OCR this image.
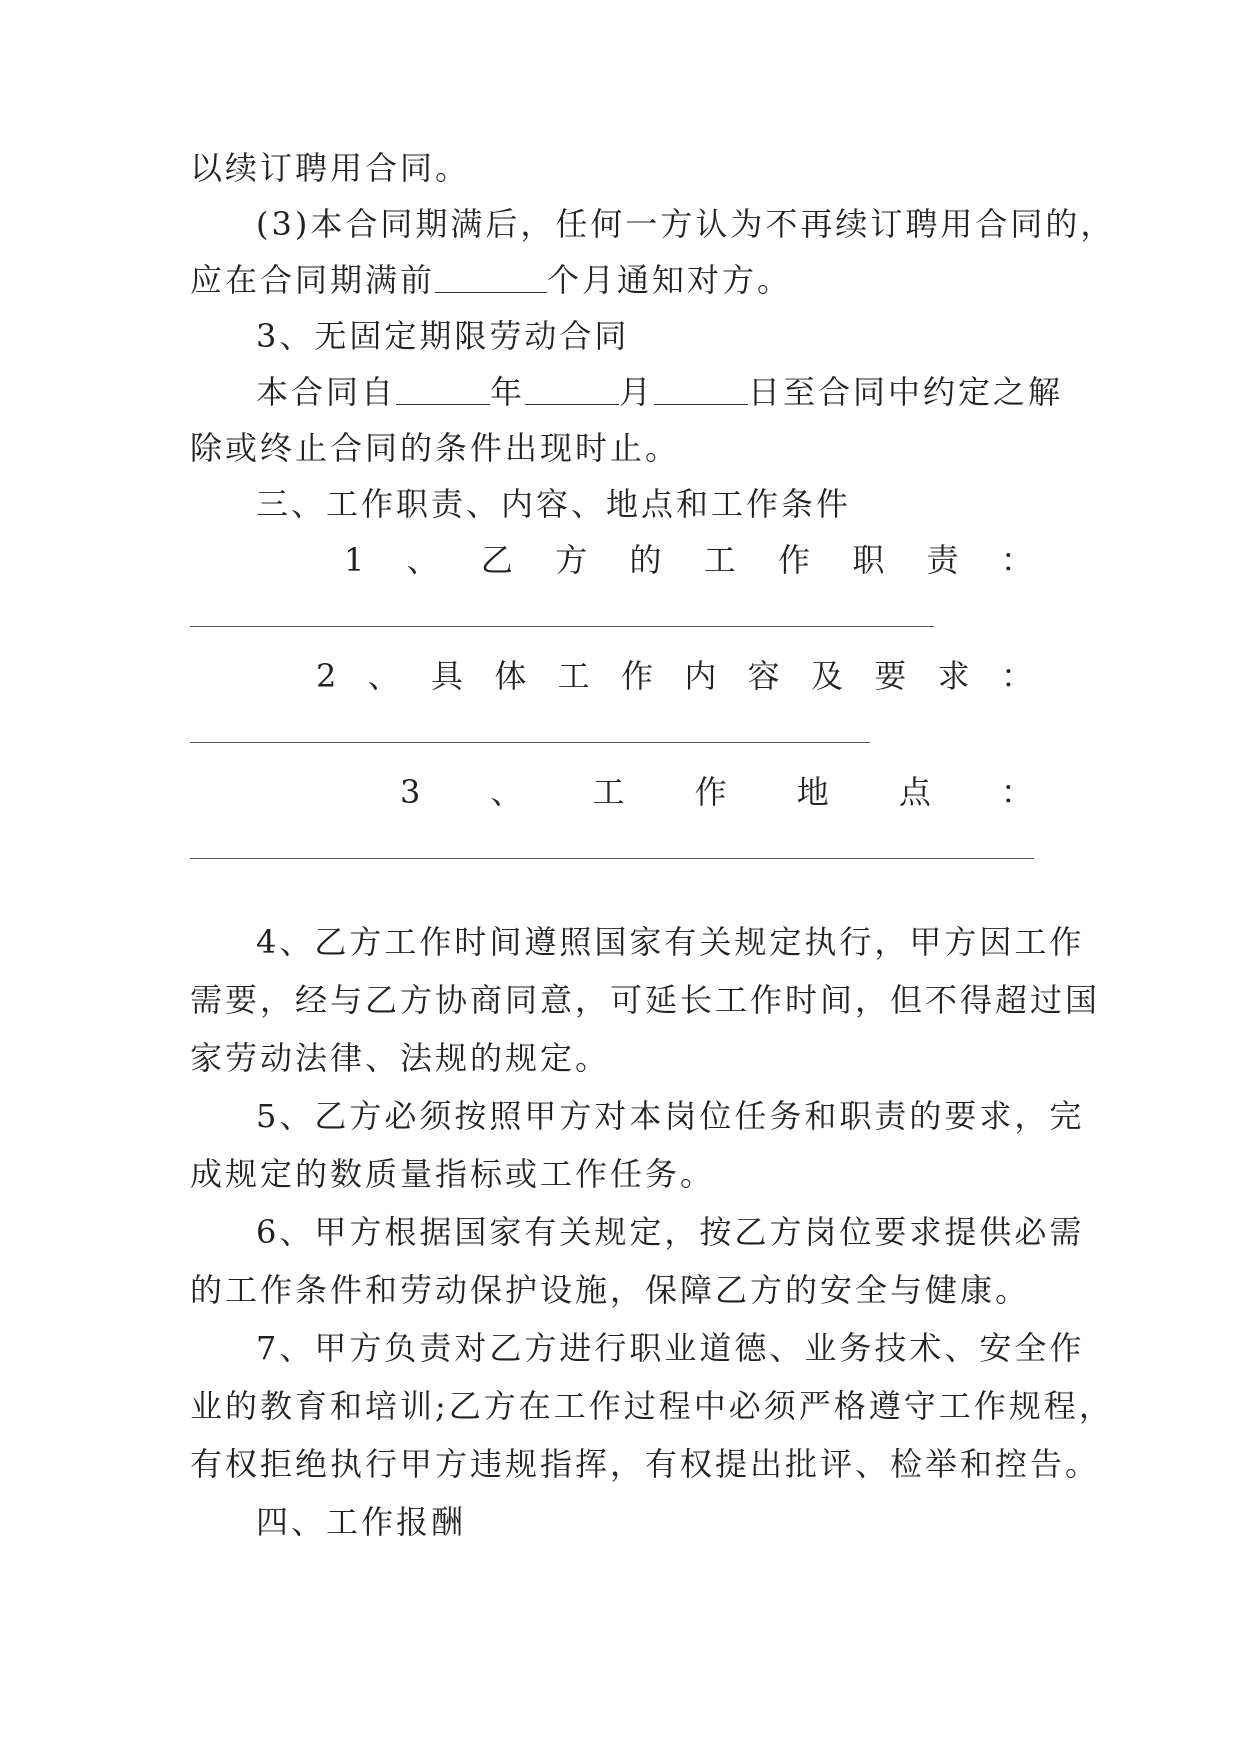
以续订聘用合同。
(3)本合同期满后，任何一方认为不再续订聘用合同的，
应在合同期满前	个月通知对方。
3、无固定期限劳动合同
本合同自	年	月	日至合同中约定之解
除或终止合同的条件出现时止。
三、工作职责、内容、地点和工作条件
1 、 乙 方 的 工 作 职 责 ：
2 、 具 体 工 作 内 容 及 要 求 ：
3 、 工 作 地 点 ：
4、乙方工作时间遵照国家有关规定执行，甲方因工作
需要，经与乙方协商同意，可延长工作时间，但不得超过国
家劳动法律、法规的规定。
5、乙方必须按照甲方对本岗位任务和职责的要求，完
成规定的数质量指标或工作任务。
6、甲方根据国家有关规定，按乙方岗位要求提供必需
的工作条件和劳动保护设施，保障乙方的安全与健康。
7、甲方负责对乙方进行职业道德、业务技术、安全作
业的教育和培训;乙方在工作过程中必须严格遵守工作规程，
有权拒绝执行甲方违规指挥，有权提出批评、检举和控告。
四、工作报酬
